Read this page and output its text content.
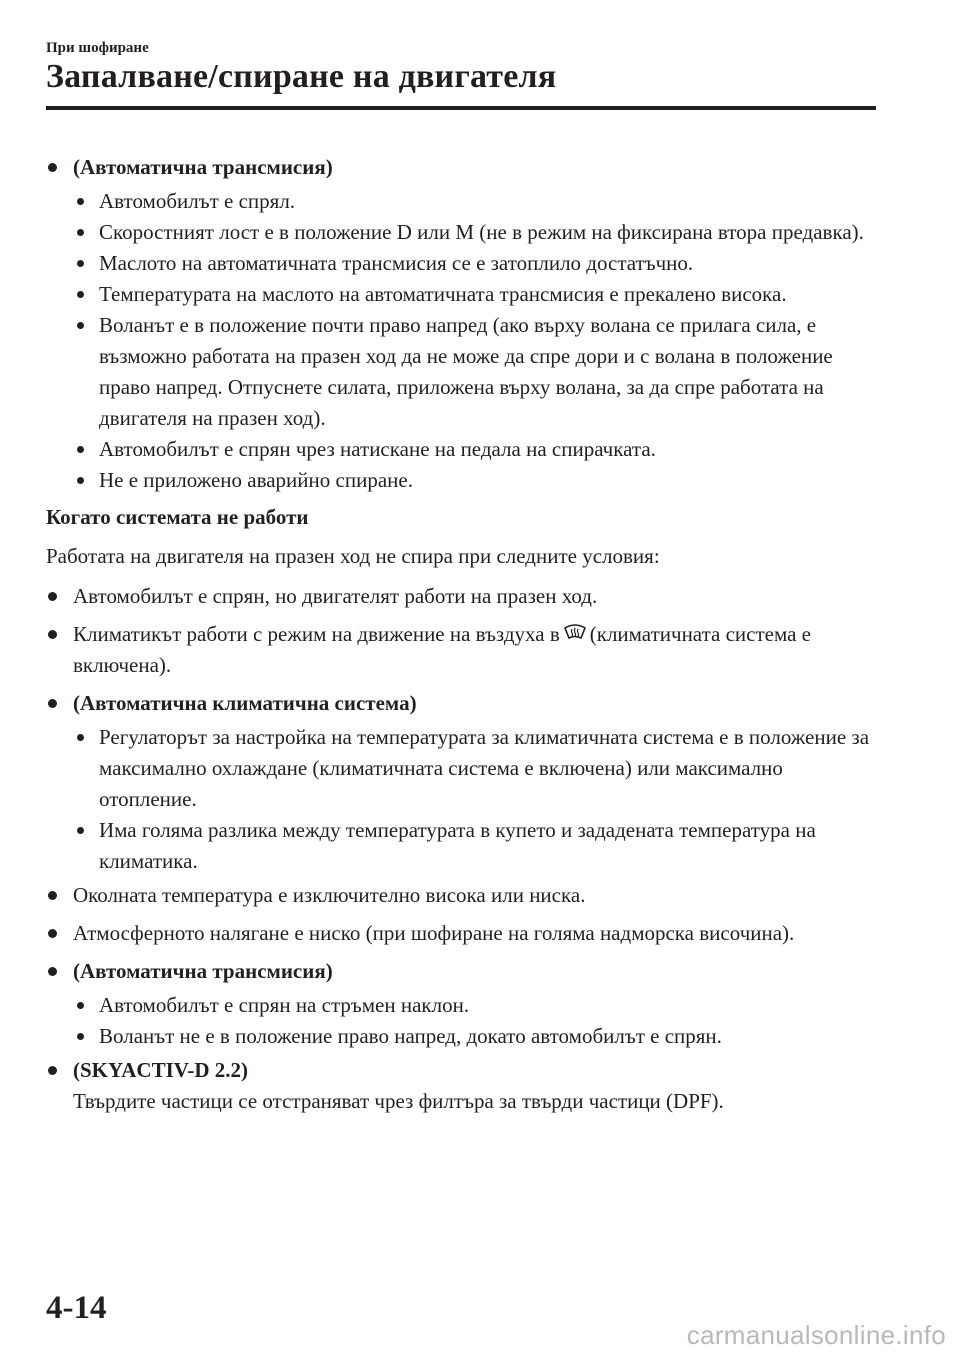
При шофиране
Запалване/спиране на двигателя
(Автоматична трансмисия)
Автомобилът е спрял.
Скоростният лост е в положение D или M (не в режим на фиксирана втора предавка).
Маслото на автоматичната трансмисия се е затоплило достатъчно.
Температурата на маслото на автоматичната трансмисия е прекалено висока.
Воланът е в положение почти право напред (ако върху волана се прилага сила, е възможно работата на празен ход да не може да спре дори и с волана в положение право напред. Отпуснете силата, приложена върху волана, за да спре работата на двигателя на празен ход).
Автомобилът е спрян чрез натискане на педала на спирачката.
Не е приложено аварийно спиране.
Когато системата не работи

Работата на двигателя на празен ход не спира при следните условия:

Автомобилът е спрян, но двигателят работи на празен ход.
Климатикът работи с режим на движение на въздуха в (климатичната система е включена).
(Автоматична климатична система)
Регулаторът за настройка на температурата за климатичната система е в положение за максимално охлаждане (климатичната система е включена) или максимално отопление.
Има голяма разлика между температурата в купето и зададената температура на климатика.
Околната температура е изключително висока или ниска.
Атмосферното налягане е ниско (при шофиране на голяма надморска височина).
(Автоматична трансмисия)
Автомобилът е спрян на стръмен наклон.
Воланът не е в положение право напред, докато автомобилът е спрян.
(SKYACTIV-D 2.2)
Твърдите частици се отстраняват чрез филтъра за твърди частици (DPF).
4-14
carmanualsonline.info
